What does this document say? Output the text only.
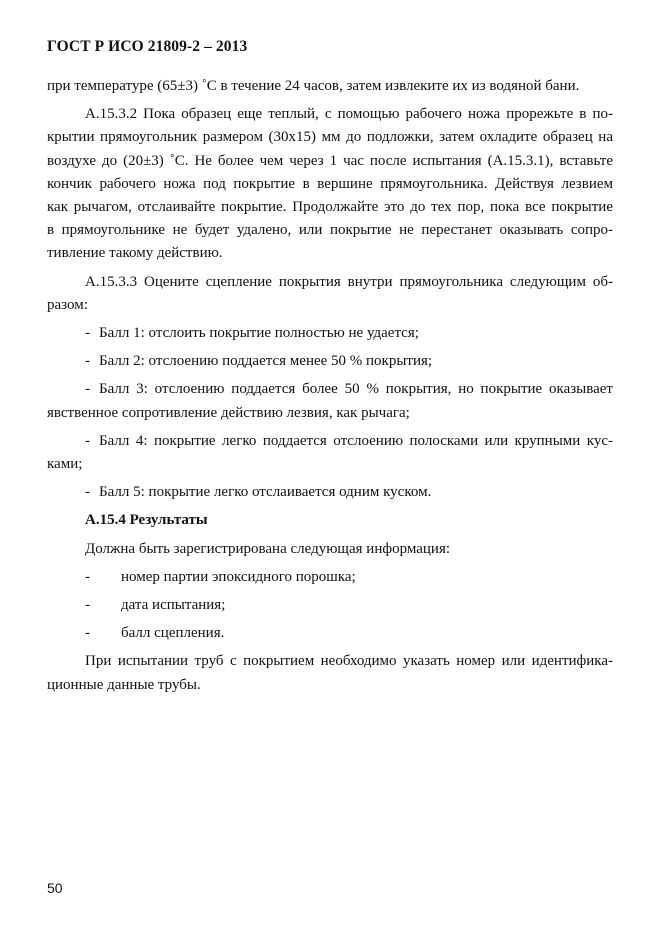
ГОСТ Р ИСО 21809-2 – 2013

при температуре (65±3) ˚С в течение 24 часов, затем извлеките их из водяной бани.

А.15.3.2 Пока образец еще теплый, с помощью рабочего ножа прорежьте в по-
крытии прямоугольник размером (30х15) мм до подложки, затем охладите образец на
воздухе до (20±3) ˚С. Не более чем через 1 час после испытания (А.15.3.1), вставьте
кончик рабочего ножа под покрытие в вершине прямоугольника. Действуя лезвием
как рычагом, отслаивайте покрытие. Продолжайте это до тех пор, пока все покрытие
в прямоугольнике не будет удалено, или покрытие не перестанет оказывать сопро-
тивление такому действию.

А.15.3.3 Оцените сцепление покрытия внутри прямоугольника следующим об-
разом:

- Балл 1: отслоить покрытие полностью не удается;
- Балл 2: отслоению поддается менее 50 % покрытия;
- Балл 3: отслоению поддается более 50 % покрытия, но покрытие оказывает
явственное сопротивление действию лезвия, как рычага;
- Балл 4: покрытие легко поддается отслоению полосками или крупными кус-
ками;
- Балл 5: покрытие легко отслаивается одним куском.
А.15.4 Результаты
Должна быть зарегистрирована следующая информация:
- номер партии эпоксидного порошка;
- дата испытания;
- балл сцепления.

При испытании труб с покрытием необходимо указать номер или идентифика-
ционные данные трубы.

50
